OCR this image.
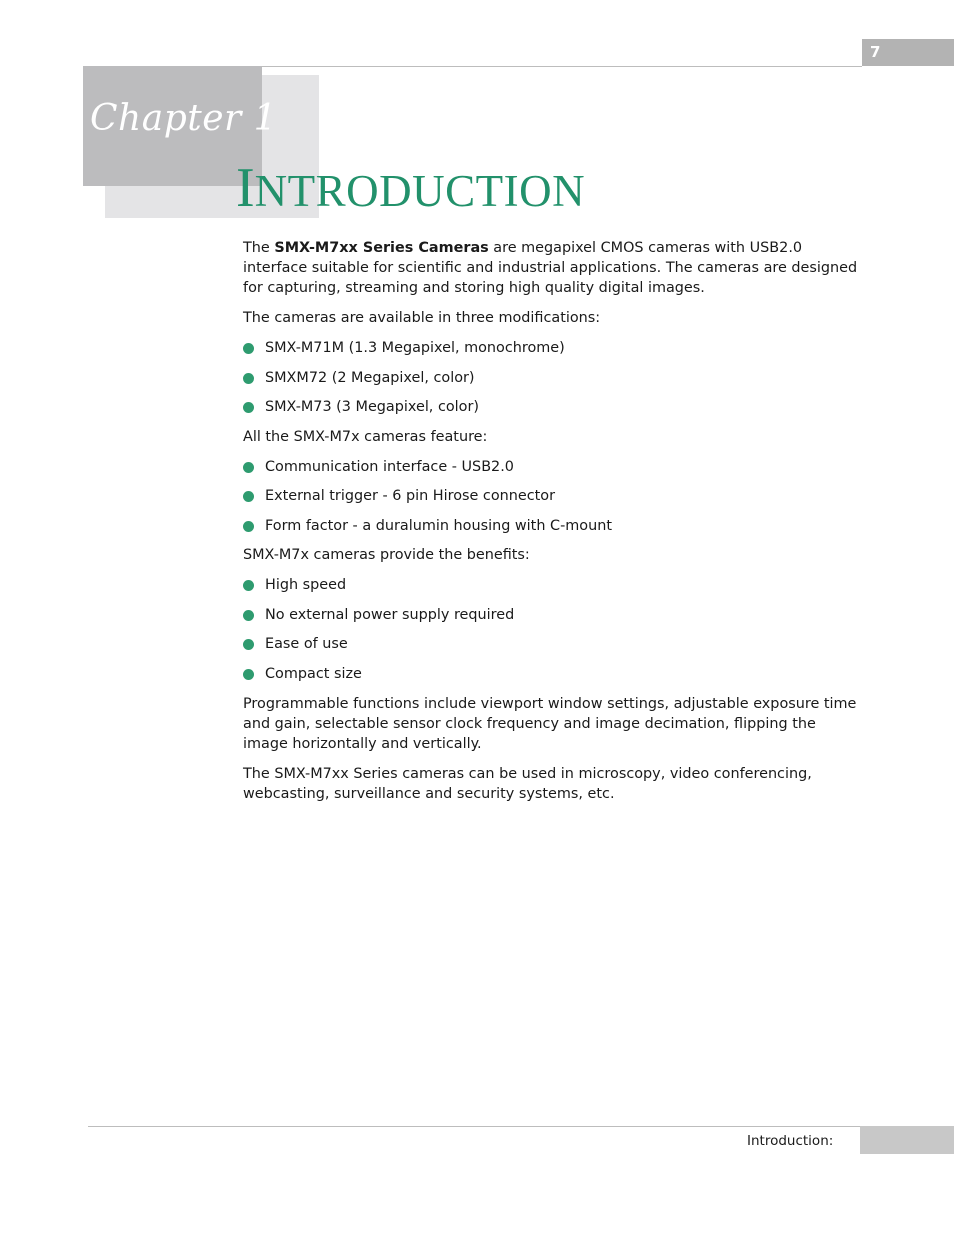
7
Chapter 1
INTRODUCTION

The SMX-M7xx Series Cameras are megapixel CMOS cameras with USB2.0 interface suitable for scientific and industrial applications. The cameras are designed for capturing, streaming and storing high quality digital images.

The cameras are available in three modifications:

SMX-M71M (1.3 Megapixel, monochrome)
SMXM72 (2 Megapixel, color)
SMX-M73 (3 Megapixel, color)

All the SMX-M7x cameras feature:

Communication interface - USB2.0
External trigger - 6 pin Hirose connector
Form factor - a duralumin housing with C-mount

SMX-M7x cameras provide the benefits:

High speed
No external power supply required
Ease of use
Compact size

Programmable functions include viewport window settings, adjustable exposure time and gain, selectable sensor clock frequency and image decimation, flipping the image horizontally and vertically.

The SMX-M7xx Series cameras can be used in microscopy, video conferencing, webcasting, surveillance and security systems, etc.

Introduction:
